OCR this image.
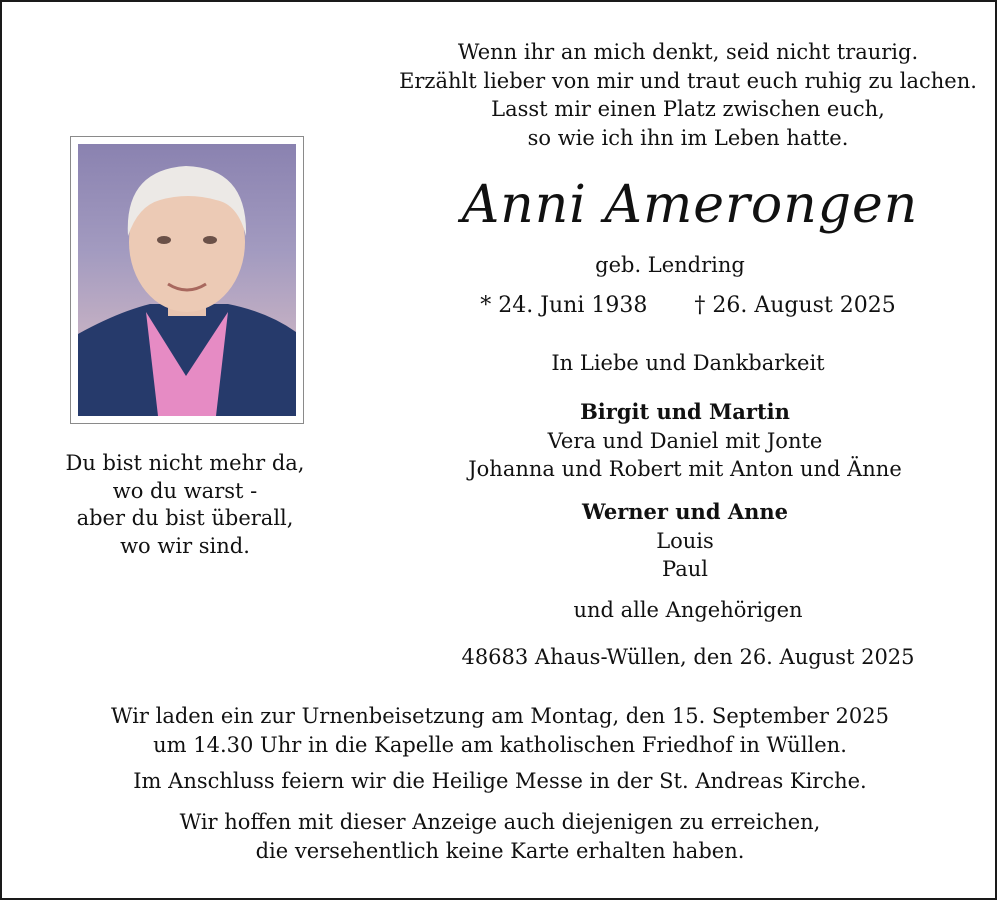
Wenn ihr an mich denkt, seid nicht traurig.
Erzählt lieber von mir und traut euch ruhig zu lachen.
Lasst mir einen Platz zwischen euch,
so wie ich ihn im Leben hatte.
Anni Amerongen
geb. Lendring
* 24. Juni 1938 † 26. August 2025
In Liebe und Dankbarkeit
Birgit und Martin
Vera und Daniel mit Jonte
Johanna und Robert mit Anton und Änne
Werner und Anne
Louis
Paul
und alle Angehörigen
48683 Ahaus-Wüllen, den 26. August 2025
Du bist nicht mehr da,
wo du warst -
aber du bist überall,
wo wir sind.
Wir laden ein zur Urnenbeisetzung am Montag, den 15. September 2025
um 14.30 Uhr in die Kapelle am katholischen Friedhof in Wüllen.
Im Anschluss feiern wir die Heilige Messe in der St. Andreas Kirche.
Wir hoffen mit dieser Anzeige auch diejenigen zu erreichen,
die versehentlich keine Karte erhalten haben.
